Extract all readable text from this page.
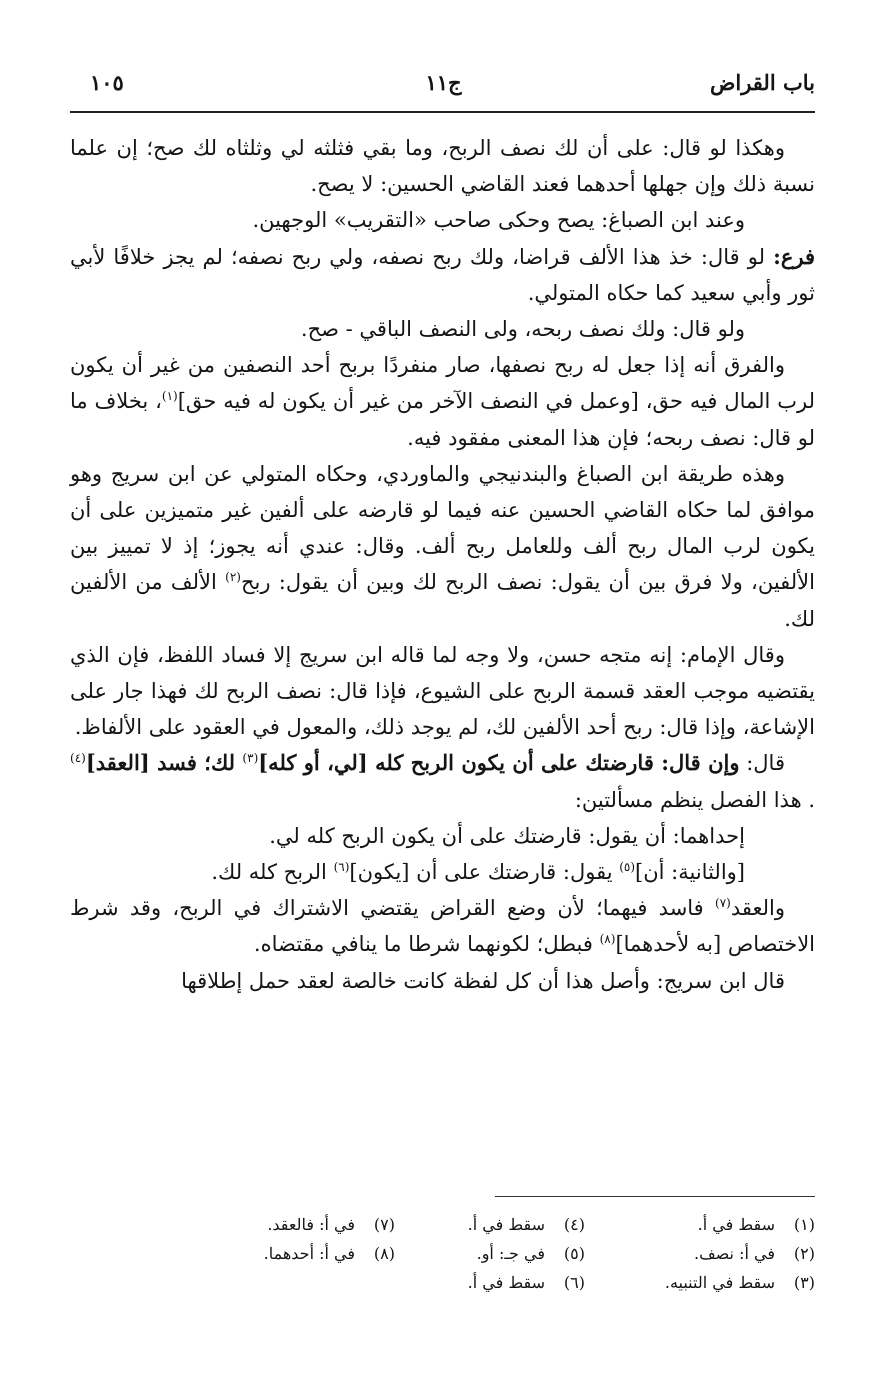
باب القراض
ج١١
١٠٥

وهكذا لو قال: على أن لك نصف الربح، وما بقي فثلثه لي وثلثاه لك صح؛ إن علما نسبة ذلك وإن جهلها أحدهما فعند القاضي الحسين: لا يصح.

وعند ابن الصباغ: يصح وحكى صاحب «التقريب» الوجهين.

فرع: لو قال: خذ هذا الألف قراضا، ولك ربح نصفه، ولي ربح نصفه؛ لم يجز خلافًا لأبي ثور وأبي سعيد كما حكاه المتولي.

ولو قال: ولك نصف ربحه، ولى النصف الباقي - صح.

والفرق أنه إذا جعل له ربح نصفها، صار منفردًا بربح أحد النصفين من غير أن يكون لرب المال فيه حق، [وعمل في النصف الآخر من غير أن يكون له فيه حق]$^{(١)}$، بخلاف ما لو قال: نصف ربحه؛ فإن هذا المعنى مفقود فيه.

وهذه طريقة ابن الصباغ والبندنيجي والماوردي، وحكاه المتولي عن ابن سريج وهو موافق لما حكاه القاضي الحسين عنه فيما لو قارضه على ألفين غير متميزين على أن يكون لرب المال ربح ألف وللعامل ربح ألف. وقال: عندي أنه يجوز؛ إذ لا تمييز بين الألفين، ولا فرق بين أن يقول: نصف الربح لك وبين أن يقول: ربح$^{(٢)}$ الألف من الألفين لك.

وقال الإمام: إنه متجه حسن، ولا وجه لما قاله ابن سريج إلا فساد اللفظ، فإن الذي يقتضيه موجب العقد قسمة الربح على الشيوع، فإذا قال: نصف الربح لك فهذا جار على الإشاعة، وإذا قال: ربح أحد الألفين لك، لم يوجد ذلك، والمعول في العقود على الألفاظ.

قال: وإن قال: قارضتك على أن يكون الربح كله [لي، أو كله]$^{(٣)}$ لك؛ فسد [العقد]$^{(٤)}$ . هذا الفصل ينظم مسألتين:

إحداهما: أن يقول: قارضتك على أن يكون الربح كله لي.

[والثانية: أن]$^{(٥)}$ يقول: قارضتك على أن [يكون]$^{(٦)}$ الربح كله لك.

والعقد$^{(٧)}$ فاسد فيهما؛ لأن وضع القراض يقتضي الاشتراك في الربح، وقد شرط الاختصاص [به لأحدهما]$^{(٨)}$ فبطل؛ لكونهما شرطا ما ينافي مقتضاه.

قال ابن سريج: وأصل هذا أن كل لفظة كانت خالصة لعقد حمل إطلاقها

(١)سقط في أ.
(٢)في أ: نصف.
(٣)سقط في التنبيه.
(٤)سقط في أ.
(٥)في جـ: أو.
(٦)سقط في أ.
(٧)في أ: فالعقد.
(٨)في أ: أحدهما.
